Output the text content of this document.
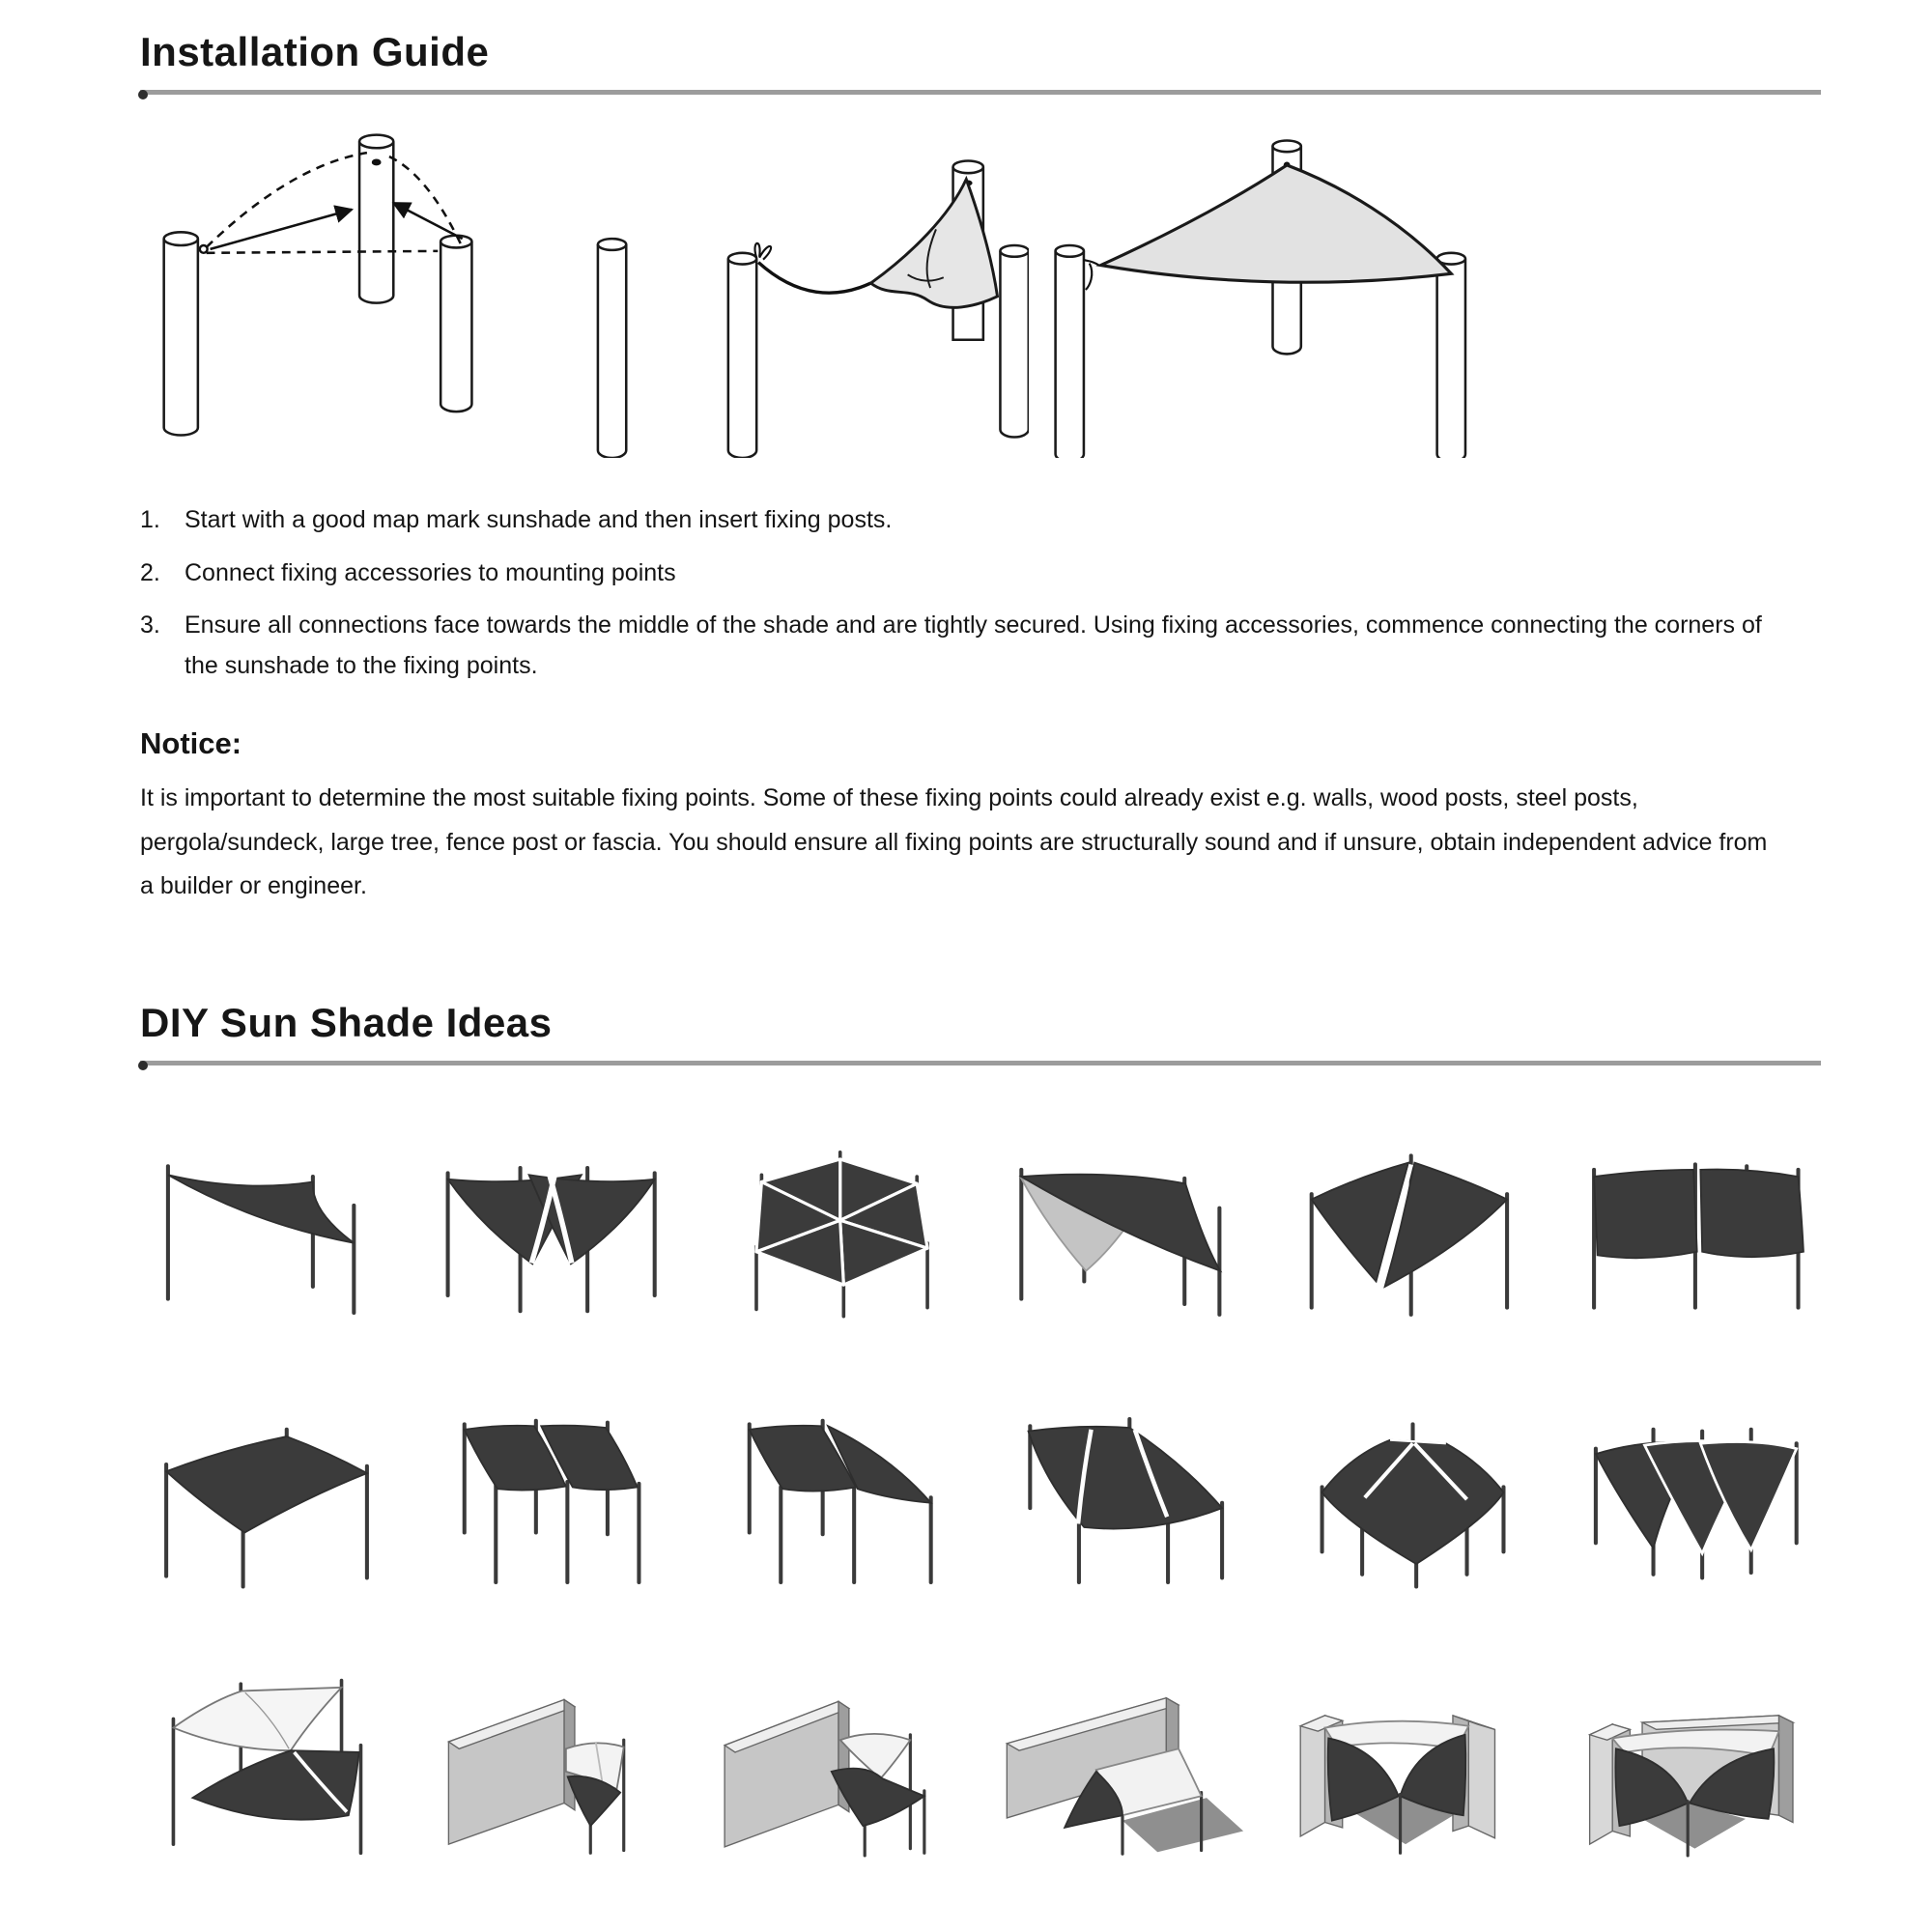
Installation Guide
1.	Start with a good map mark sunshade and then insert fixing posts.
2.	Connect fixing accessories to mounting points
3.	Ensure all connections face towards the middle of the shade and are tightly secured. Using fixing accessories, commence connecting the corners of the sunshade to the fixing points.
Notice:
It is important to determine the most suitable fixing points. Some of these fixing points could already exist e.g. walls, wood posts, steel posts, pergola/sundeck, large tree, fence post or fascia. You should ensure all fixing points are structurally sound and if unsure, obtain independent advice from a builder or engineer.
DIY Sun Shade Ideas
